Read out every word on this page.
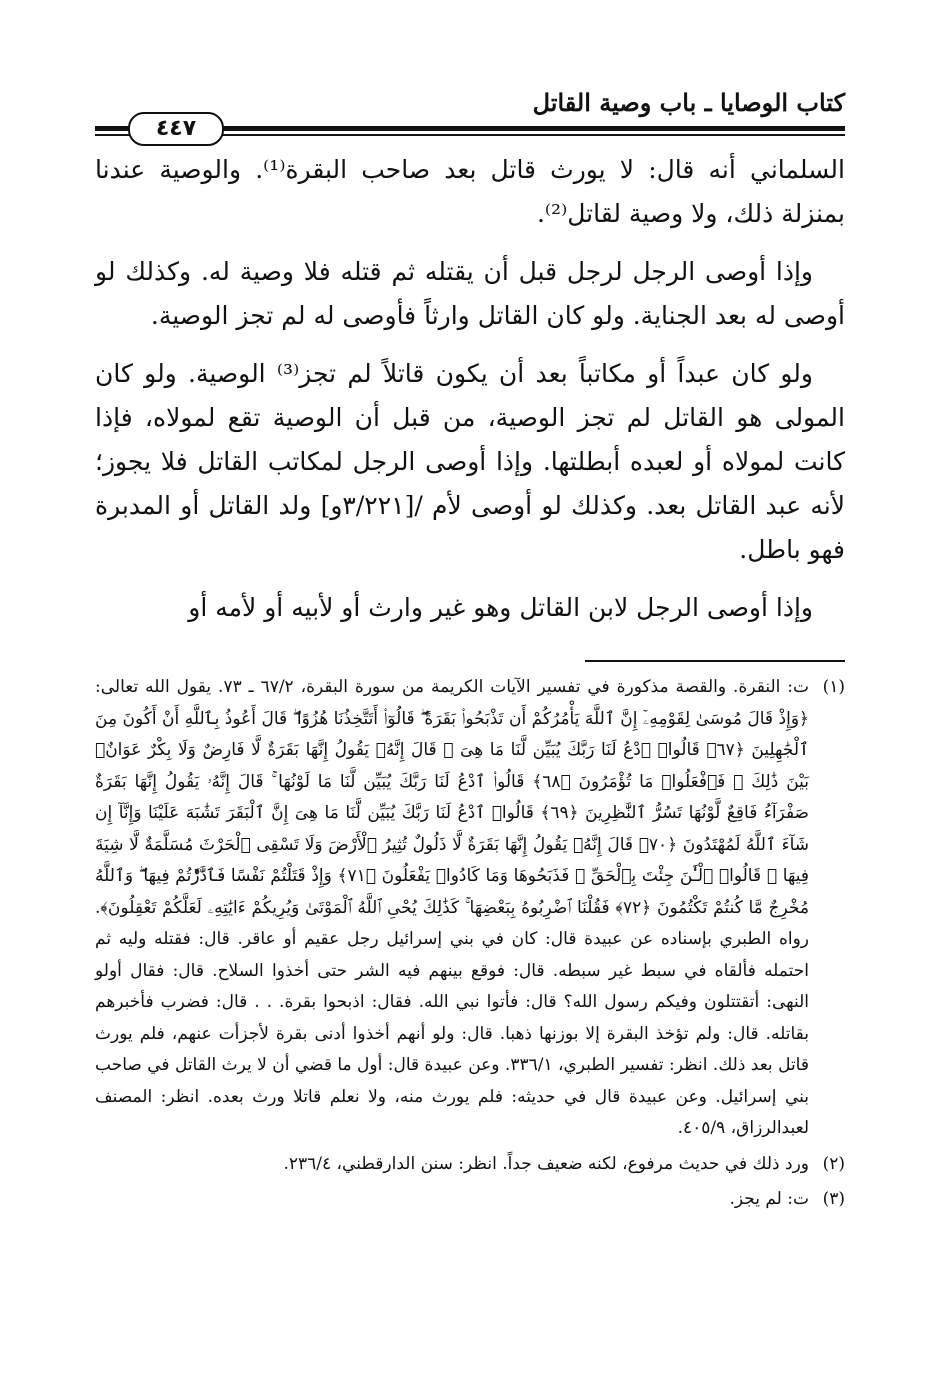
كتاب الوصايا ـ باب وصية القاتل
٤٤٧

السلماني أنه قال: لا يورث قاتل بعد صاحب البقرة⁽¹⁾. والوصية عندنا بمنزلة ذلك، ولا وصية لقاتل⁽²⁾.

وإذا أوصى الرجل لرجل قبل أن يقتله ثم قتله فلا وصية له. وكذلك لو أوصى له بعد الجناية. ولو كان القاتل وارثاً فأوصى له لم تجز الوصية.

ولو كان عبداً أو مكاتباً بعد أن يكون قاتلاً لم تجز⁽³⁾ الوصية. ولو كان المولى هو القاتل لم تجز الوصية، من قبل أن الوصية تقع لمولاه، فإذا كانت لمولاه أو لعبده أبطلتها. وإذا أوصى الرجل لمكاتب القاتل فلا يجوز؛ لأنه عبد القاتل بعد. وكذلك لو أوصى لأم /[٣/٢٢١و] ولد القاتل أو المدبرة فهو باطل.

وإذا أوصى الرجل لابن القاتل وهو غير وارث أو لأبيه أو لأمه أو

(١)
ت: النقرة. والقصة مذكورة في تفسير الآيات الكريمة من سورة البقرة، ٦٧/٢ ـ ٧٣. يقول الله تعالى: ﴿وَإِذْ قَالَ مُوسَىٰ لِقَوْمِهِۦٓ إِنَّ ٱللَّهَ يَأْمُرُكُمْ أَن تَذْبَحُوا۟ بَقَرَةً ۖ قَالُوٓا۟ أَتَتَّخِذُنَا هُزُوًا ۖ قَالَ أَعُوذُ بِٱللَّهِ أَنْ أَكُونَ مِنَ ٱلْجَٰهِلِينَ ﴿٦٧﴾ قَالُوا۟ ٱدْعُ لَنَا رَبَّكَ يُبَيِّن لَّنَا مَا هِىَ ۚ قَالَ إِنَّهُۥ يَقُولُ إِنَّهَا بَقَرَةٌ لَّا فَارِضٌ وَلَا بِكْرٌ عَوَانٌۢ بَيْنَ ذَٰلِكَ ۖ فَٱفْعَلُوا۟ مَا تُؤْمَرُونَ ﴿٦٨﴾ قَالُوا۟ ٱدْعُ لَنَا رَبَّكَ يُبَيِّن لَّنَا مَا لَوْنُهَا ۚ قَالَ إِنَّهُۥ يَقُولُ إِنَّهَا بَقَرَةٌ صَفْرَآءُ فَاقِعٌ لَّوْنُهَا تَسُرُّ ٱلنَّٰظِرِينَ ﴿٦٩﴾ قَالُوا۟ ٱدْعُ لَنَا رَبَّكَ يُبَيِّن لَّنَا مَا هِىَ إِنَّ ٱلْبَقَرَ تَشَٰبَهَ عَلَيْنَا وَإِنَّآ إِن شَآءَ ٱللَّهُ لَمُهْتَدُونَ ﴿٧٠﴾ قَالَ إِنَّهُۥ يَقُولُ إِنَّهَا بَقَرَةٌ لَّا ذَلُولٌ تُثِيرُ ٱلْأَرْضَ وَلَا تَسْقِى ٱلْحَرْثَ مُسَلَّمَةٌ لَّا شِيَةَ فِيهَا ۚ قَالُوا۟ ٱلْـَٰٔنَ جِئْتَ بِٱلْحَقِّ ۚ فَذَبَحُوهَا وَمَا كَادُوا۟ يَفْعَلُونَ ﴿٧١﴾ وَإِذْ قَتَلْتُمْ نَفْسًا فَٱدَّٰرَْٰٔتُمْ فِيهَا ۖ وَٱللَّهُ مُخْرِجٌ مَّا كُنتُمْ تَكْتُمُونَ ﴿٧٢﴾ فَقُلْنَا ٱضْرِبُوهُ بِبَعْضِهَا ۚ كَذَٰلِكَ يُحْىِ ٱللَّهُ ٱلْمَوْتَىٰ وَيُرِيكُمْ ءَايَٰتِهِۦ لَعَلَّكُمْ تَعْقِلُونَ﴾. رواه الطبري بإسناده عن عبيدة قال: كان في بني إسرائيل رجل عقيم أو عاقر. قال: فقتله وليه ثم احتمله فألقاه في سبط غير سبطه. قال: فوقع بينهم فيه الشر حتى أخذوا السلاح. قال: فقال أولو النهى: أتقتتلون وفيكم رسول الله؟ قال: فأتوا نبي الله. فقال: اذبحوا بقرة. . . قال: فضرب فأخبرهم بقاتله. قال: ولم تؤخذ البقرة إلا بوزنها ذهبا. قال: ولو أنهم أخذوا أدنى بقرة لأجزأت عنهم، فلم يورث قاتل بعد ذلك. انظر: تفسير الطبري، ٣٣٦/١. وعن عبيدة قال: أول ما قضي أن لا يرث القاتل في صاحب بني إسرائيل. وعن عبيدة قال في حديثه: فلم يورث منه، ولا نعلم قاتلا ورث بعده. انظر: المصنف لعبدالرزاق، ٤٠٥/٩.
(٢)
ورد ذلك في حديث مرفوع، لكنه ضعيف جداً. انظر: سنن الدارقطني، ٢٣٦/٤.
(٣)
ت: لم يجز.
